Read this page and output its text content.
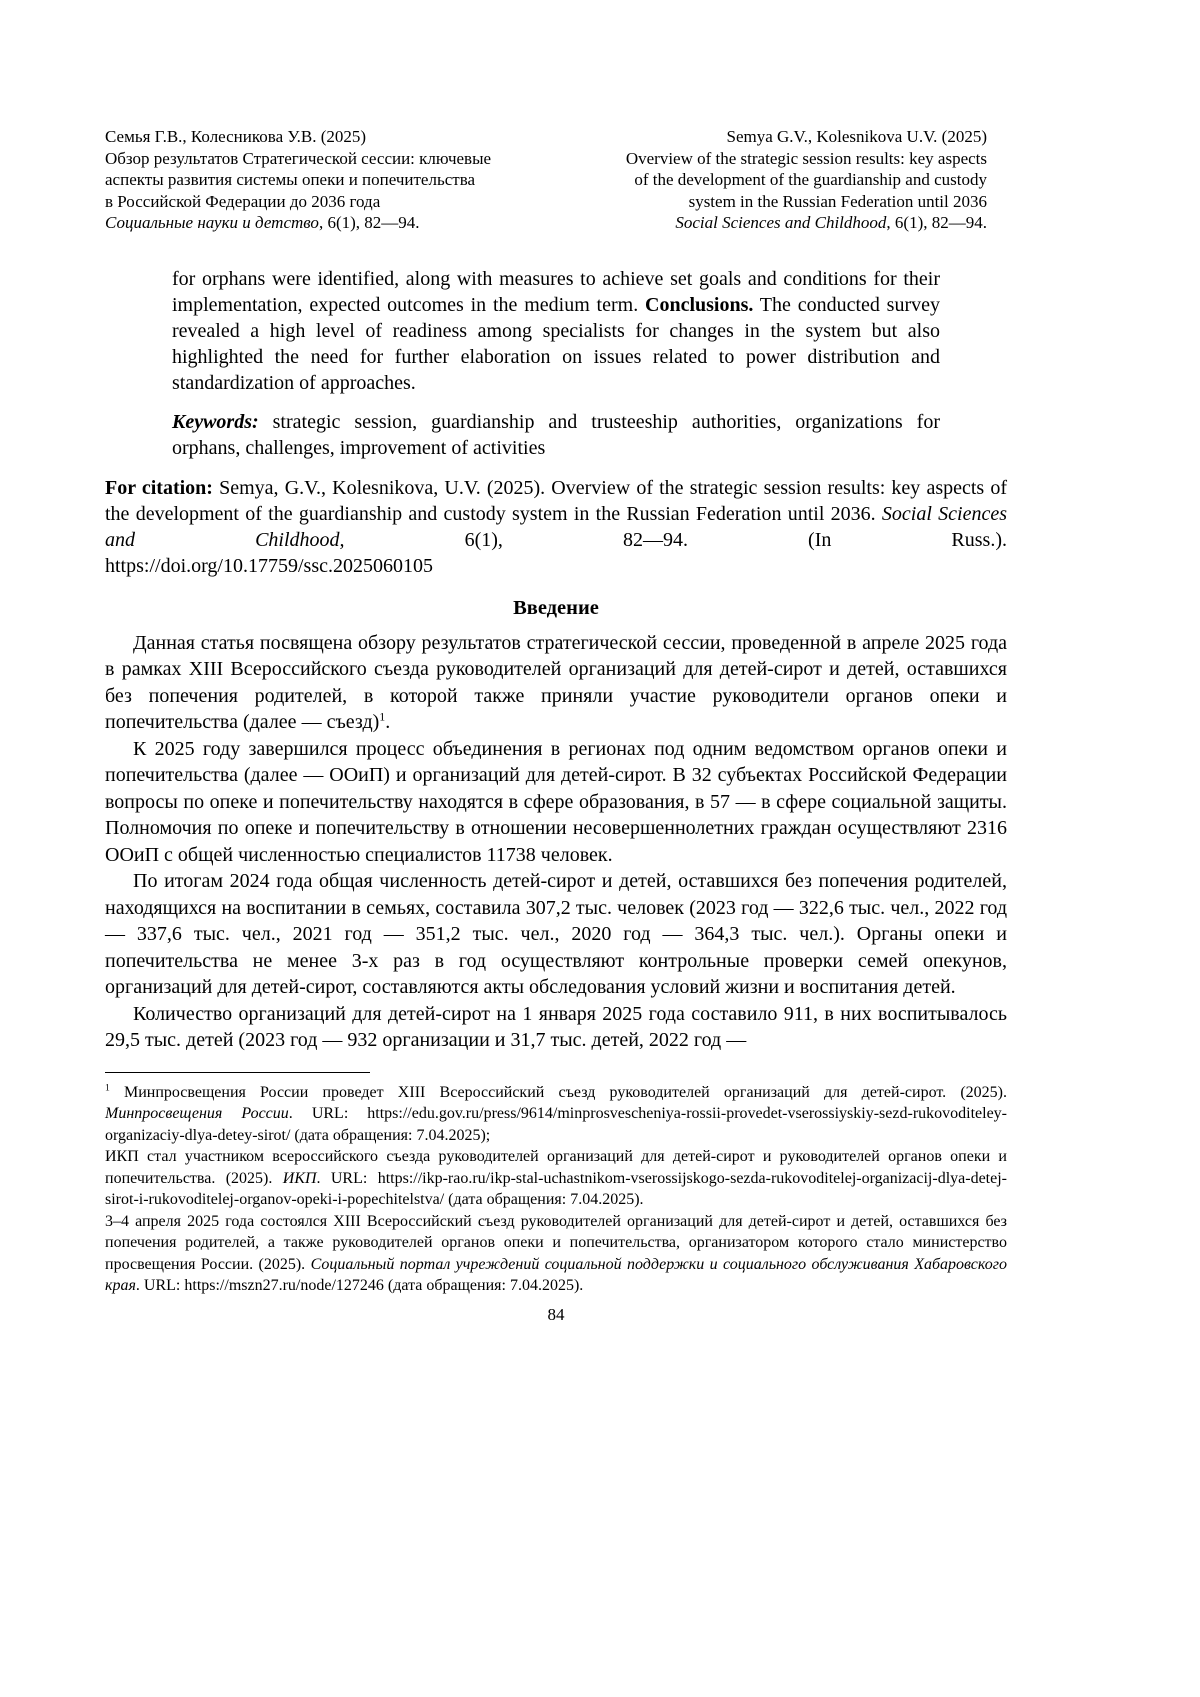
Семья Г.В., Колесникова У.В. (2025)
Обзор результатов Стратегической сессии: ключевые
аспекты развития системы опеки и попечительства
в Российской Федерации до 2036 года
Социальные науки и детство, 6(1), 82—94.
Semya G.V., Kolesnikova U.V. (2025)
Overview of the strategic session results: key aspects
of the development of the guardianship and custody
system in the Russian Federation until 2036
Social Sciences and Childhood, 6(1), 82—94.

for orphans were identified, along with measures to achieve set goals and conditions for their implementation, expected outcomes in the medium term. Conclusions. The conducted survey revealed a high level of readiness among specialists for changes in the system but also highlighted the need for further elaboration on issues related to power distribution and standardization of approaches.

Keywords: strategic session, guardianship and trusteeship authorities, organizations for orphans, challenges, improvement of activities

For citation: Semya, G.V., Kolesnikova, U.V. (2025). Overview of the strategic session results: key aspects of the development of the guardianship and custody system in the Russian Federation until 2036. Social Sciences and Childhood, 6(1), 82—94. (In Russ.).

https://doi.org/10.17759/ssc.2025060105

Введение

Данная статья посвящена обзору результатов стратегической сессии, проведенной в апреле 2025 года в рамках XIII Всероссийского съезда руководителей организаций для детей-сирот и детей, оставшихся без попечения родителей, в которой также приняли участие руководители органов опеки и попечительства (далее — съезд)$^1$.

К 2025 году завершился процесс объединения в регионах под одним ведомством органов опеки и попечительства (далее — ООиП) и организаций для детей-сирот. В 32 субъектах Российской Федерации вопросы по опеке и попечительству находятся в сфере образования, в 57 — в сфере социальной защиты. Полномочия по опеке и попечительству в отношении несовершеннолетних граждан осуществляют 2316 ООиП с общей численностью специалистов 11738 человек.

По итогам 2024 года общая численность детей-сирот и детей, оставшихся без попечения родителей, находящихся на воспитании в семьях, составила 307,2 тыс. человек (2023 год — 322,6 тыс. чел., 2022 год — 337,6 тыс. чел., 2021 год — 351,2 тыс. чел., 2020 год — 364,3 тыс. чел.). Органы опеки и попечительства не менее 3-х раз в год осуществляют контрольные проверки семей опекунов, организаций для детей-сирот, составляются акты обследования условий жизни и воспитания детей.

Количество организаций для детей-сирот на 1 января 2025 года составило 911, в них воспитывалось 29,5 тыс. детей (2023 год — 932 организации и 31,7 тыс. детей, 2022 год —

$^1$ Минпросвещения России проведет XIII Всероссийский съезд руководителей организаций для детей-сирот. (2025). Минпросвещения России. URL: https://edu.gov.ru/press/9614/minprosvescheniya-rossii-provedet-vserossiyskiy-sezd-rukovoditeley-organizaciy-dlya-detey-sirot/ (дата обращения: 7.04.2025);

ИКП стал участником всероссийского съезда руководителей организаций для детей-сирот и руководителей органов опеки и попечительства. (2025). ИКП. URL: https://ikp-rao.ru/ikp-stal-uchastnikom-vserossijskogo-sezda-rukovoditelej-organizacij-dlya-detej-sirot-i-rukovoditelej-organov-opeki-i-popechitelstva/ (дата обращения: 7.04.2025).

3–4 апреля 2025 года состоялся XIII Всероссийский съезд руководителей организаций для детей-сирот и детей, оставшихся без попечения родителей, а также руководителей органов опеки и попечительства, организатором которого стало министерство просвещения России. (2025). Социальный портал учреждений социальной поддержки и социального обслуживания Хабаровского края. URL: https://mszn27.ru/node/127246 (дата обращения: 7.04.2025).

84
